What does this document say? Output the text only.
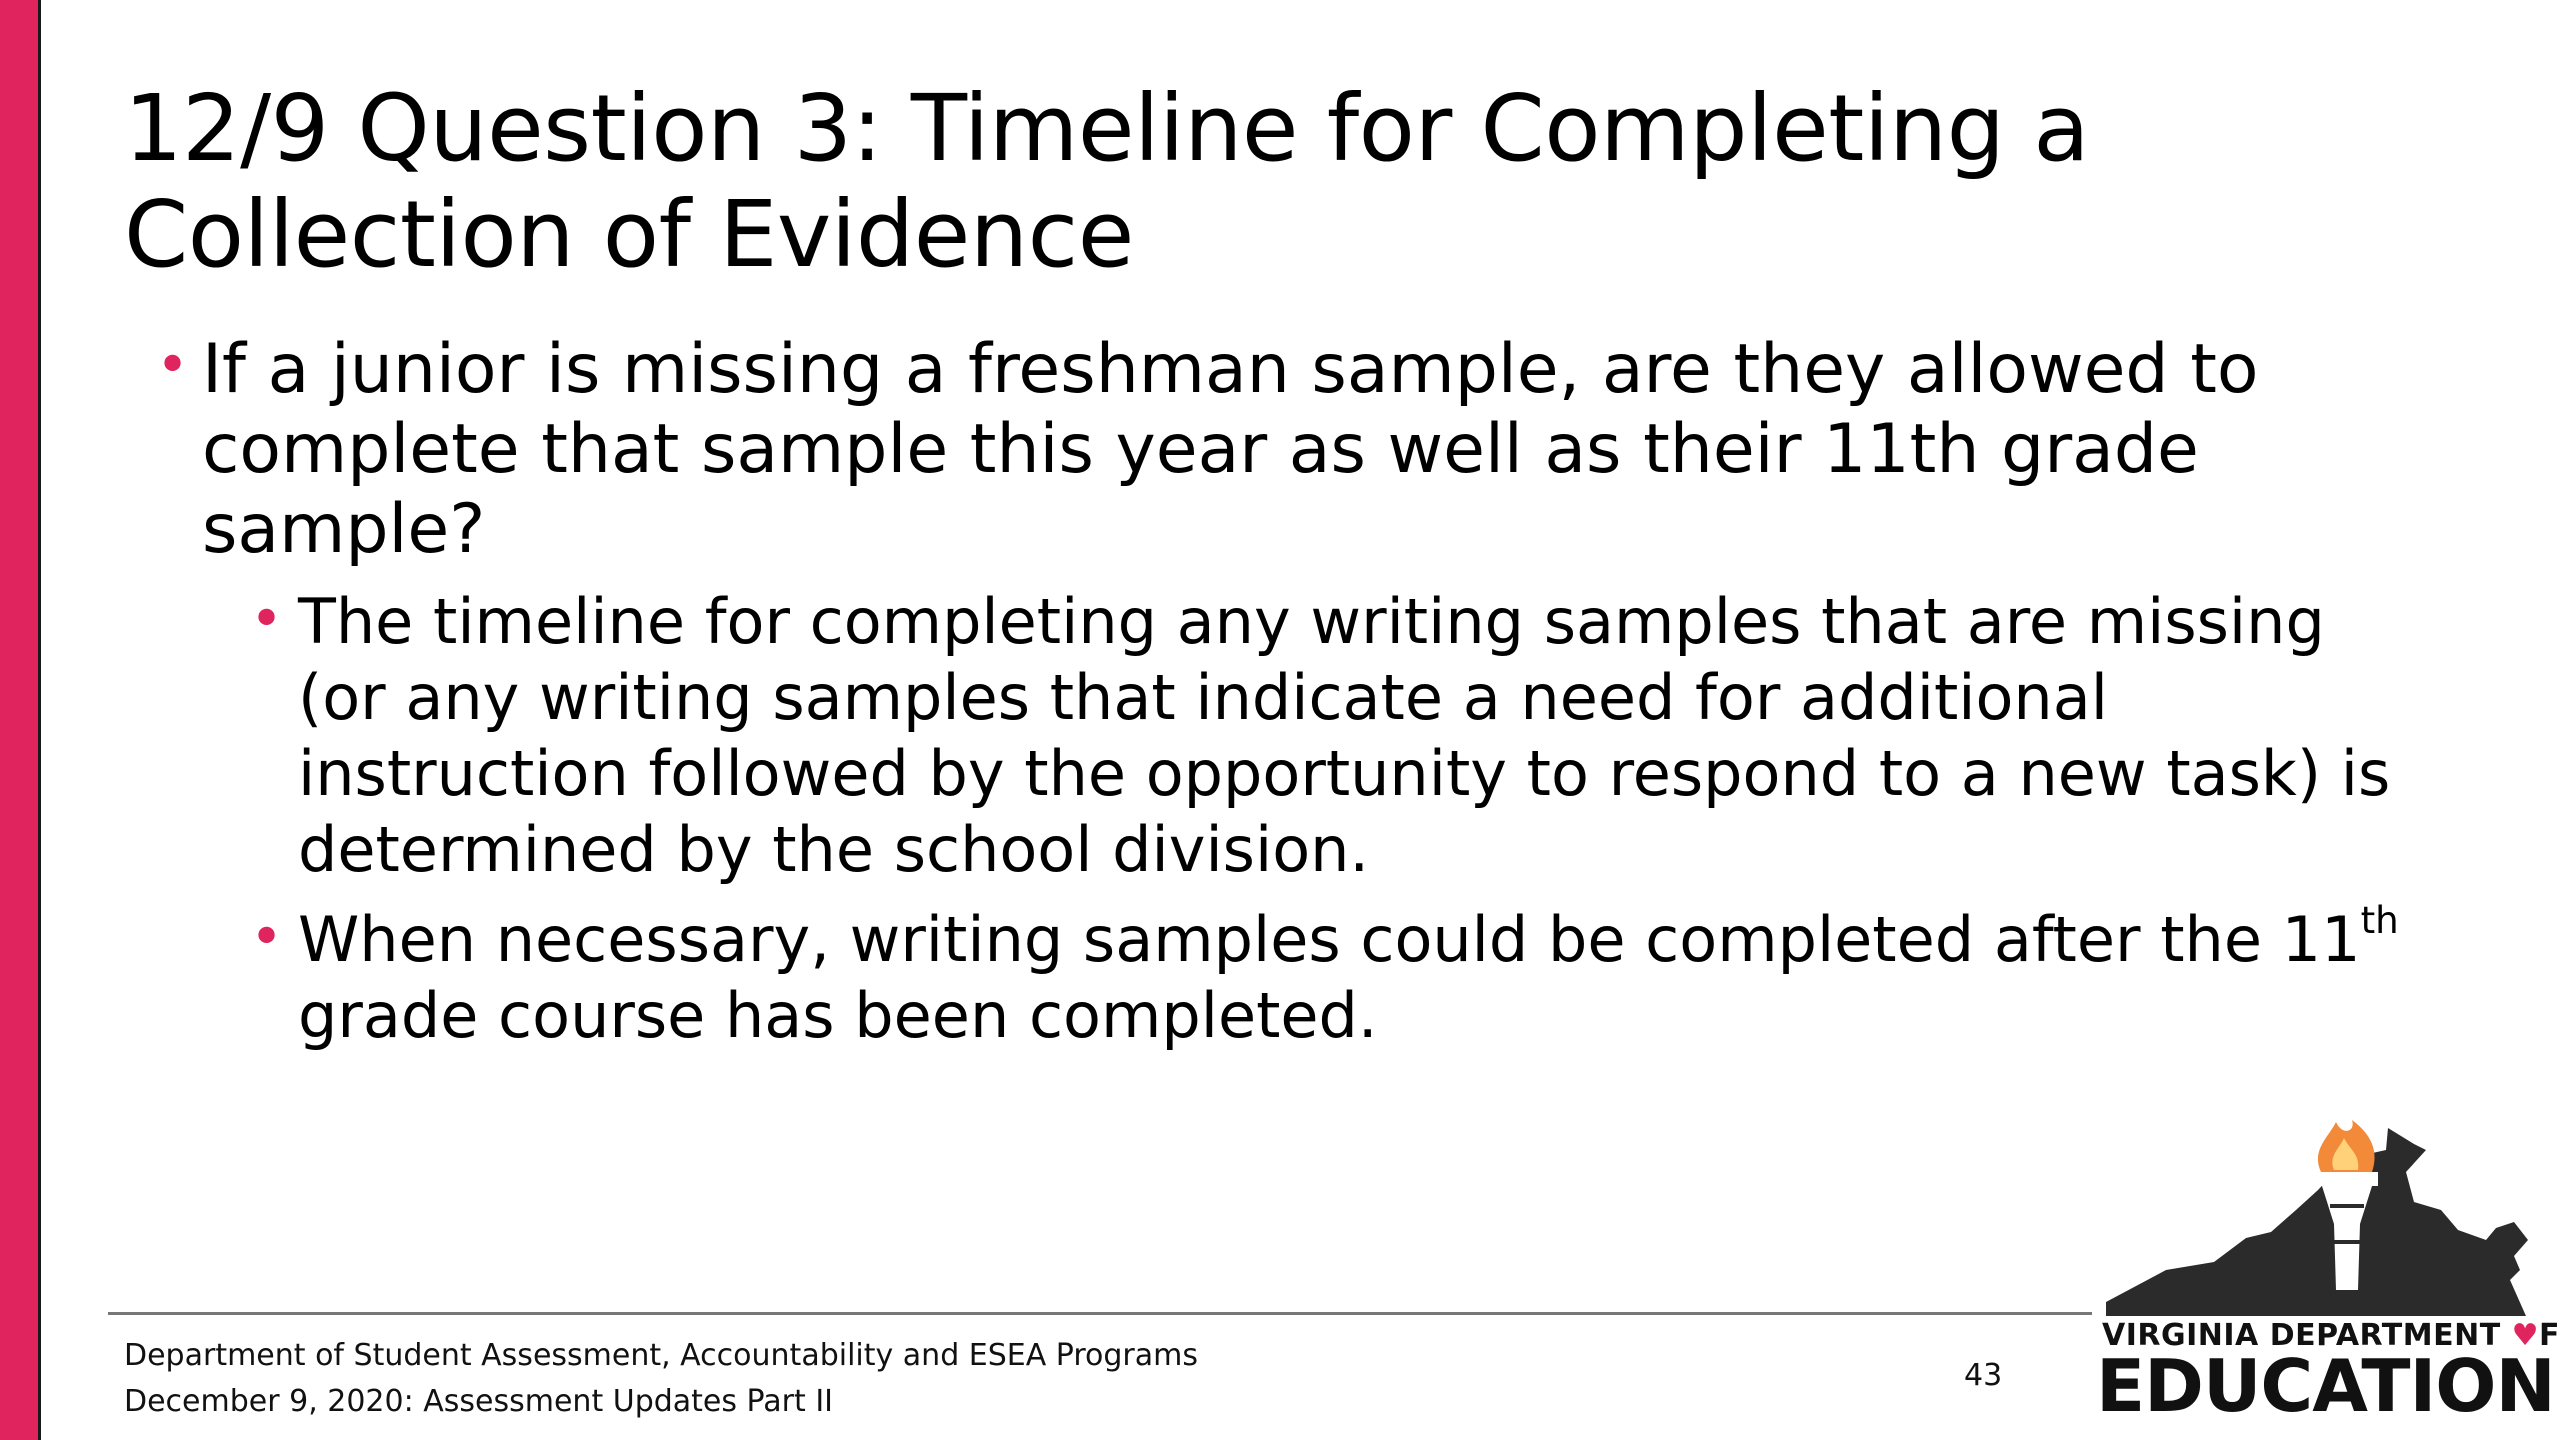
12/9 Question 3: Timeline for Completing a Collection of Evidence
• If a junior is missing a freshman sample, are they allowed to complete that sample this year as well as their 11th grade sample?
• The timeline for completing any writing samples that are missing (or any writing samples that indicate a need for additional instruction followed by the opportunity to respond to a new task) is determined by the school division.
• When necessary, writing samples could be completed after the 11th grade course has been completed.
Department of Student Assessment, Accountability and ESEA Programs
December 9, 2020: Assessment Updates Part II
43
VIRGINIA DEPARTMENT ♥F
EDUCATION
